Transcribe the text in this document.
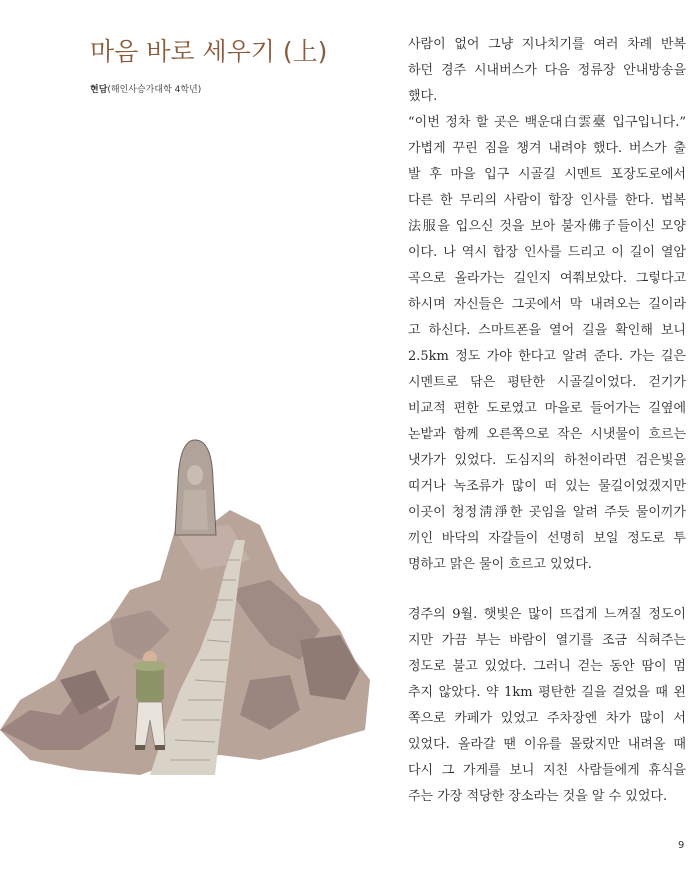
마음 바로 세우기 (上)
현담(해인사승가대학 4학년)
사람이 없어 그냥 지나치기를 여러 차례 반복
하던 경주 시내버스가 다음 정류장 안내방송을
했다.
“이번 정차 할 곳은 백운대白雲臺 입구입니다.”
가볍게 꾸린 짐을 챙겨 내려야 했다. 버스가 출
발 후 마을 입구 시골길 시멘트 포장도로에서
다른 한 무리의 사람이 합장 인사를 한다. 법복
法服을 입으신 것을 보아 불자佛子들이신 모양
이다. 나 역시 합장 인사를 드리고 이 길이 열암
곡으로 올라가는 길인지 여쭤보았다. 그렇다고
하시며 자신들은 그곳에서 막 내려오는 길이라
고 하신다. 스마트폰을 열어 길을 확인해 보니
2.5km 정도 가야 한다고 알려 준다. 가는 길은
시멘트로 닦은 평탄한 시골길이었다. 걷기가
비교적 편한 도로였고 마을로 들어가는 길옆에
논밭과 함께 오른쪽으로 작은 시냇물이 흐르는
냇가가 있었다. 도심지의 하천이라면 검은빛을
띠거나 녹조류가 많이 떠 있는 물길이었겠지만
이곳이 청정淸淨한 곳임을 알려 주듯 물이끼가
끼인 바닥의 자갈들이 선명히 보일 정도로 투
명하고 맑은 물이 흐르고 있었다.
경주의 9월. 햇빛은 많이 뜨겁게 느껴질 정도이
지만 가끔 부는 바람이 열기를 조금 식혀주는
정도로 불고 있었다. 그러니 걷는 동안 땀이 멈
추지 않았다. 약 1km 평탄한 길을 걸었을 때 왼
쪽으로 카페가 있었고 주차장엔 차가 많이 서
있었다. 올라갈 땐 이유를 몰랐지만 내려올 때
다시 그 가게를 보니 지친 사람들에게 휴식을
주는 가장 적당한 장소라는 것을 알 수 있었다.
9
